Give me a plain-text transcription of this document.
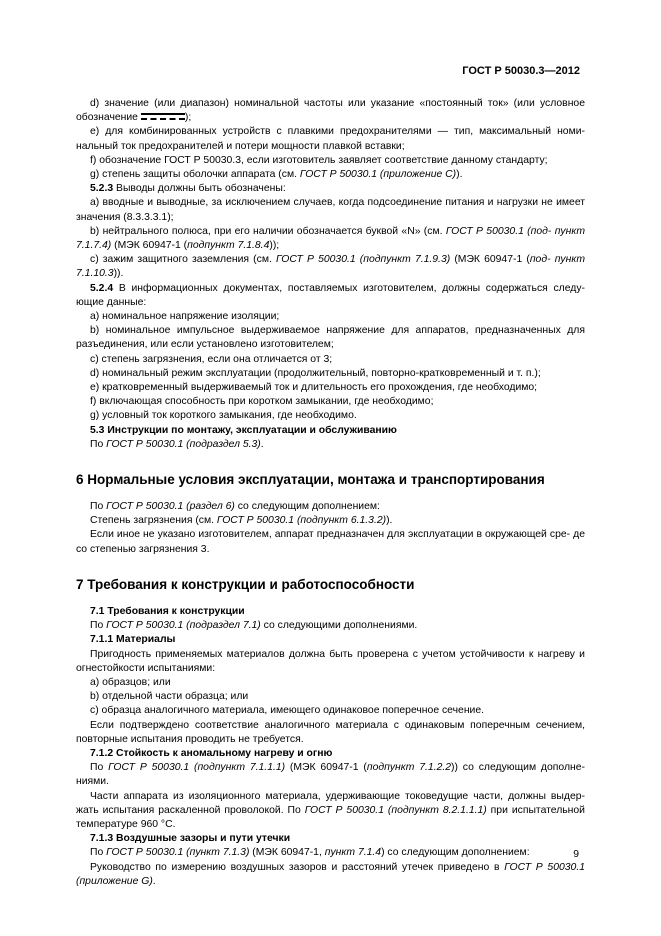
ГОСТ Р 50030.3—2012

d) значение (или диапазон) номинальной частоты или указание «постоянный ток» (или условное обозначение	);

e) для комбинированных устройств с плавкими предохранителями — тип, максимальный номи- нальный ток предохранителей и потери мощности плавкой вставки;

f) обозначение ГОСТ Р 50030.3, если изготовитель заявляет соответствие данному стандарту;

g) степень защиты оболочки аппарата (см. ГОСТ Р 50030.1 (приложение С)).

5.2.3 Выводы должны быть обозначены:

a) вводные и выводные, за исключением случаев, когда подсоединение питания и нагрузки не имеет значения (8.3.3.3.1);

b) нейтрального полюса, при его наличии обозначается буквой «N» (см. ГОСТ Р 50030.1 (под- пункт 7.1.7.4) (МЭК 60947-1 (подпункт 7.1.8.4));

c) зажим защитного заземления (см. ГОСТ Р 50030.1 (подпункт 7.1.9.3) (МЭК 60947-1 (под- пункт 7.1.10.3)).

5.2.4 В информационных документах, поставляемых изготовителем, должны содержаться следу- ющие данные:

a) номинальное напряжение изоляции;

b) номинальное импульсное выдерживаемое напряжение для аппаратов, предназначенных для разъединения, или если установлено изготовителем;

c) степень загрязнения, если она отличается от 3;

d) номинальный режим эксплуатации (продолжительный, повторно-кратковременный и т. п.);

e) кратковременный выдерживаемый ток и длительность его прохождения, где необходимо;

f) включающая способность при коротком замыкании, где необходимо;

g) условный ток короткого замыкания, где необходимо.

5.3 Инструкции по монтажу, эксплуатации и обслуживанию

По ГОСТ Р 50030.1 (подраздел 5.3).

6 Нормальные условия эксплуатации, монтажа и транспортирования

По ГОСТ Р 50030.1 (раздел 6) со следующим дополнением:

Степень загрязнения (см. ГОСТ Р 50030.1 (подпункт 6.1.3.2)).

Если иное не указано изготовителем, аппарат предназначен для эксплуатации в окружающей сре- де со степенью загрязнения 3.

7 Требования к конструкции и работоспособности

7.1 Требования к конструкции

По ГОСТ Р 50030.1 (подраздел 7.1) со следующими дополнениями.

7.1.1 Материалы

Пригодность применяемых материалов должна быть проверена с учетом устойчивости к нагреву и огнестойкости испытаниями:

a) образцов; или

b) отдельной части образца; или

c) образца аналогичного материала, имеющего одинаковое поперечное сечение.

Если подтверждено соответствие аналогичного материала с одинаковым поперечным сечением, повторные испытания проводить не требуется.

7.1.2 Стойкость к аномальному нагреву и огню

По ГОСТ Р 50030.1 (подпункт 7.1.1.1) (МЭК 60947-1 (подпункт 7.1.2.2)) со следующим дополне- ниями.

Части аппарата из изоляционного материала, удерживающие токоведущие части, должны выдер- жать испытания раскаленной проволокой. По ГОСТ Р 50030.1 (подпункт 8.2.1.1.1) при испытательной температуре 960 °С.

7.1.3 Воздушные зазоры и пути утечки

По ГОСТ Р 50030.1 (пункт 7.1.3) (МЭК 60947-1, пункт 7.1.4) со следующим дополнением:

Руководство по измерению воздушных зазоров и расстояний утечек приведено в ГОСТ Р 50030.1 (приложение G).

9
